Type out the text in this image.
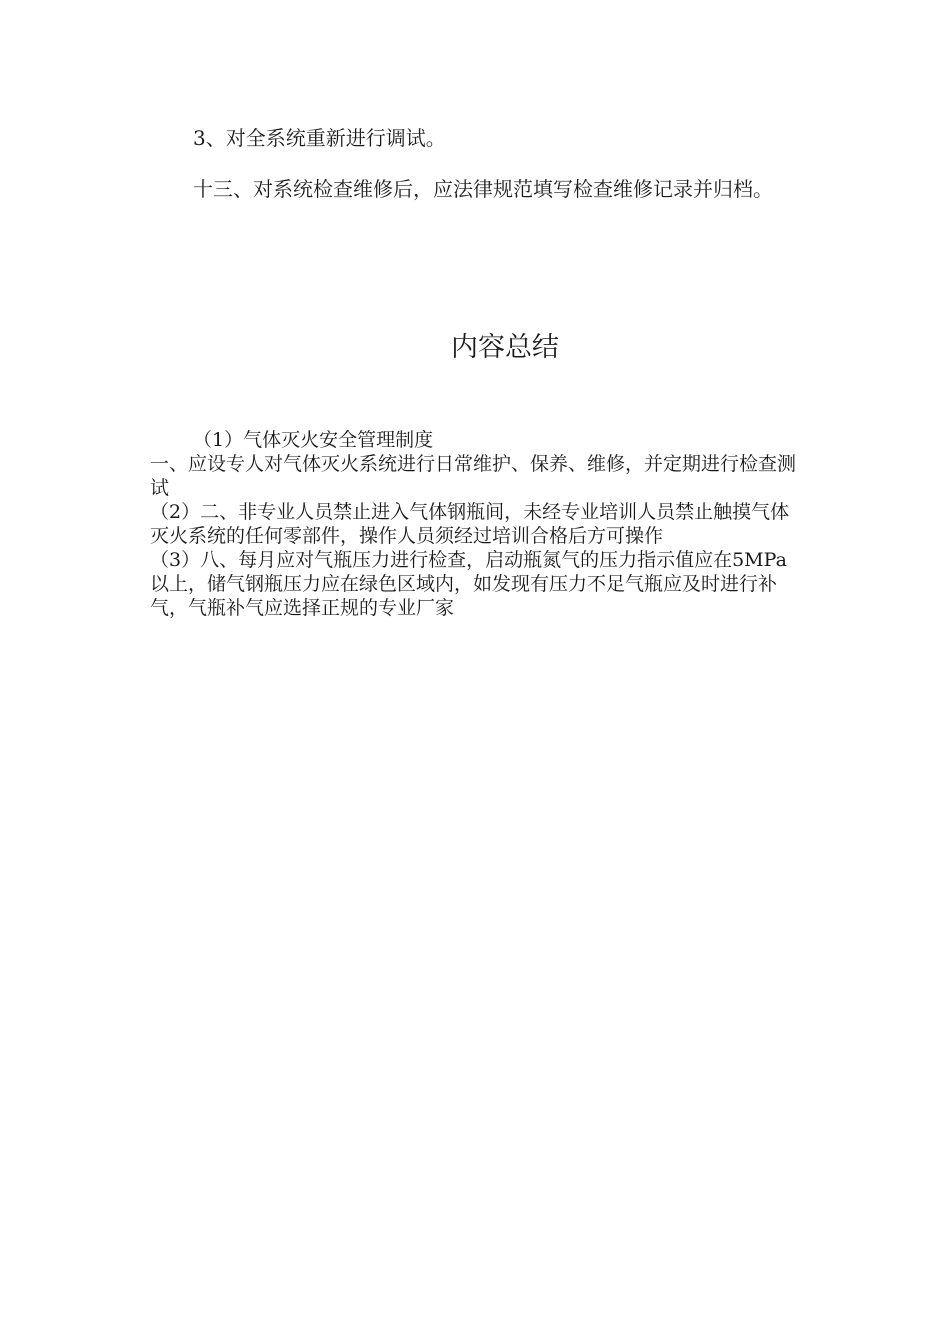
3、对全系统重新进行调试。

十三、对系统检查维修后，应法律规范填写检查维修记录并归档。

内容总结

（1）气体灭火安全管理制度

一、应设专人对气体灭火系统进行日常维护、保养、维修，并定期进行检查测试

（2）二、非专业人员禁止进入气体钢瓶间，未经专业培训人员禁止触摸气体灭火系统的任何零部件，操作人员须经过培训合格后方可操作

（3）八、每月应对气瓶压力进行检查，启动瓶氮气的压力指示值应在5MPa以上，储气钢瓶压力应在绿色区域内，如发现有压力不足气瓶应及时进行补气，气瓶补气应选择正规的专业厂家
